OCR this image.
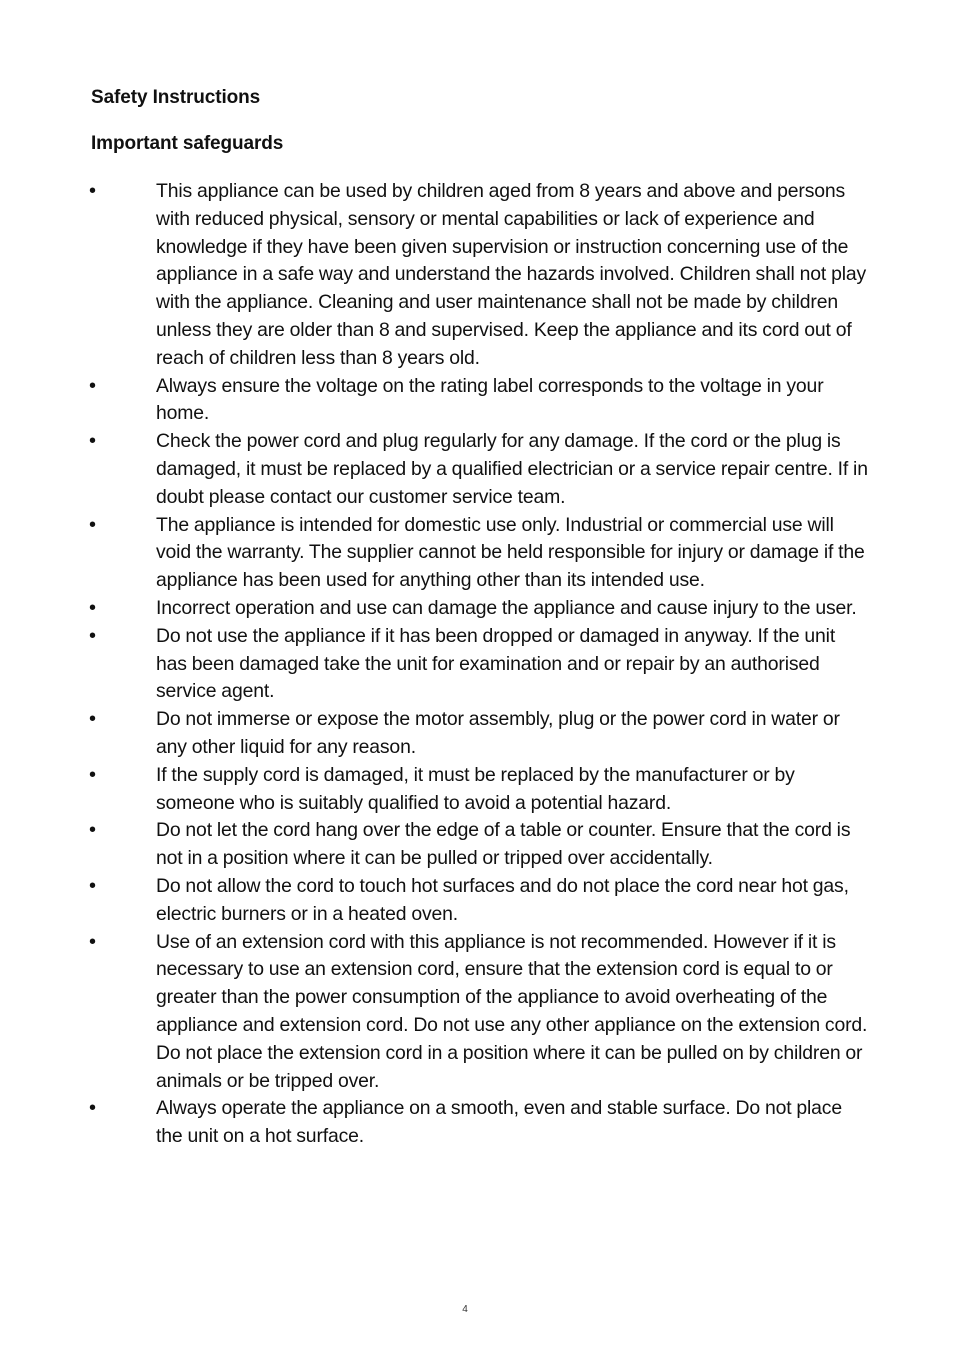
Safety Instructions
Important safeguards
•	This appliance can be used by children aged from 8 years and above and persons with reduced physical, sensory or mental capabilities or lack of experience and knowledge if they have been given supervision or instruction concerning use of the appliance in a safe way and understand the hazards involved. Children shall not play with the appliance. Cleaning and user maintenance shall not be made by children unless they are older than 8 and supervised. Keep the appliance and its cord out of reach of children less than 8 years old.
•	Always ensure the voltage on the rating label corresponds to the voltage in your home.
•	Check the power cord and plug regularly for any damage. If the cord or the plug is damaged, it must be replaced by a qualified electrician or a service repair centre. If in doubt please contact our customer service team.
•	The appliance is intended for domestic use only. Industrial or commercial use will void the warranty. The supplier cannot be held responsible for injury or damage if the appliance has been used for anything other than its intended use.
•	Incorrect operation and use can damage the appliance and cause injury to the user.
•	Do not use the appliance if it has been dropped or damaged in anyway. If the unit has been damaged take the unit for examination and or repair by an authorised service agent.
•	Do not immerse or expose the motor assembly, plug or the power cord in water or any other liquid for any reason.
•	If the supply cord is damaged, it must be replaced by the manufacturer or by someone who is suitably qualified to avoid a potential hazard.
•	Do not let the cord hang over the edge of a table or counter. Ensure that the cord is not in a position where it can be pulled or tripped over accidentally.
•	Do not allow the cord to touch hot surfaces and do not place the cord near hot gas, electric burners or in a heated oven.
•	Use of an extension cord with this appliance is not recommended. However if it is necessary to use an extension cord, ensure that the extension cord is equal to or greater than the power consumption of the appliance to avoid overheating of the appliance and extension cord. Do not use any other appliance on the extension cord. Do not place the extension cord in a position where it can be pulled on by children or animals or be tripped over.
•	Always operate the appliance on a smooth, even and stable surface. Do not place the unit on a hot surface.
4
